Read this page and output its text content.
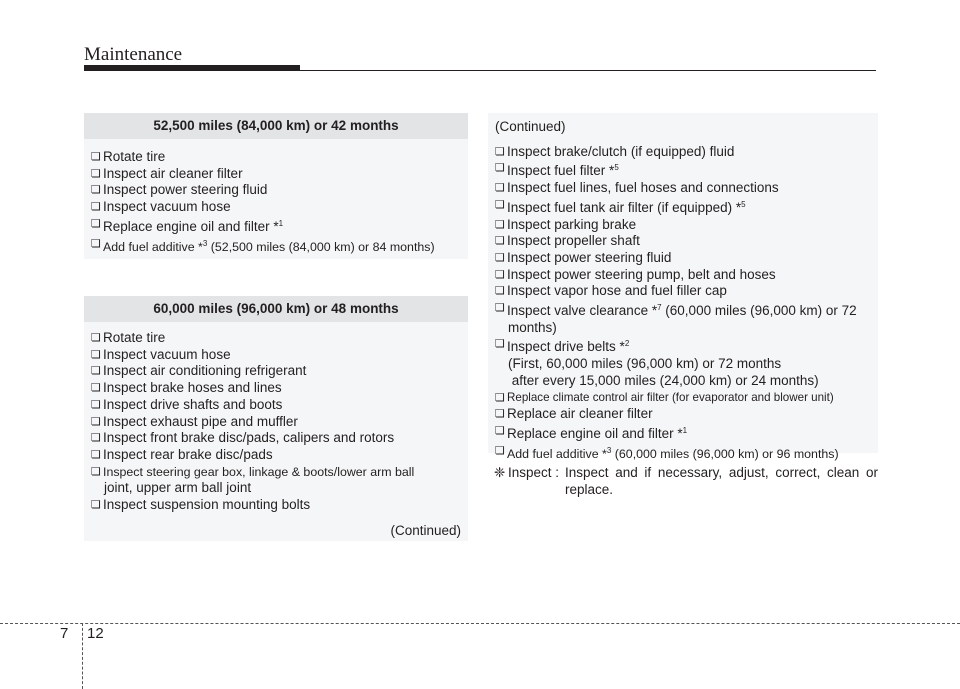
Maintenance
52,500 miles (84,000 km) or 42 months
❏ Rotate tire
❏ Inspect air cleaner filter
❏ Inspect power steering fluid
❏ Inspect vacuum hose
❏ Replace engine oil and filter *$^1$
❏ Add fuel additive *$^3$ (52,500 miles (84,000 km) or 84 months)
60,000 miles (96,000 km) or 48 months
❏ Rotate tire
❏ Inspect vacuum hose
❏ Inspect air conditioning refrigerant
❏ Inspect brake hoses and lines
❏ Inspect drive shafts and boots
❏ Inspect exhaust pipe and muffler
❏ Inspect front brake disc/pads, calipers and rotors
❏ Inspect rear brake disc/pads
❏ Inspect steering gear box, linkage & boots/lower arm ball
joint, upper arm ball joint
❏ Inspect suspension mounting bolts
(Continued)
(Continued)
❏ Inspect brake/clutch (if equipped) fluid
❏ Inspect fuel filter *$^5$
❏ Inspect fuel lines, fuel hoses and connections
❏ Inspect fuel tank air filter (if equipped) *$^5$
❏ Inspect parking brake
❏ Inspect propeller shaft
❏ Inspect power steering fluid
❏ Inspect power steering pump, belt and hoses
❏ Inspect vapor hose and fuel filler cap
❏ Inspect valve clearance *$^7$ (60,000 miles (96,000 km) or 72
months)
❏ Inspect drive belts *$^2$
(First, 60,000 miles (96,000 km) or 72 months
after every 15,000 miles (24,000 km) or 24 months)
❏ Replace climate control air filter (for evaporator and blower unit)
❏ Replace air cleaner filter
❏ Replace engine oil and filter *$^1$
❏ Add fuel additive *$^3$ (60,000 miles (96,000 km) or 96 months)
❈ Inspect : Inspect and if necessary, adjust, correct, clean or
replace.
7 12
